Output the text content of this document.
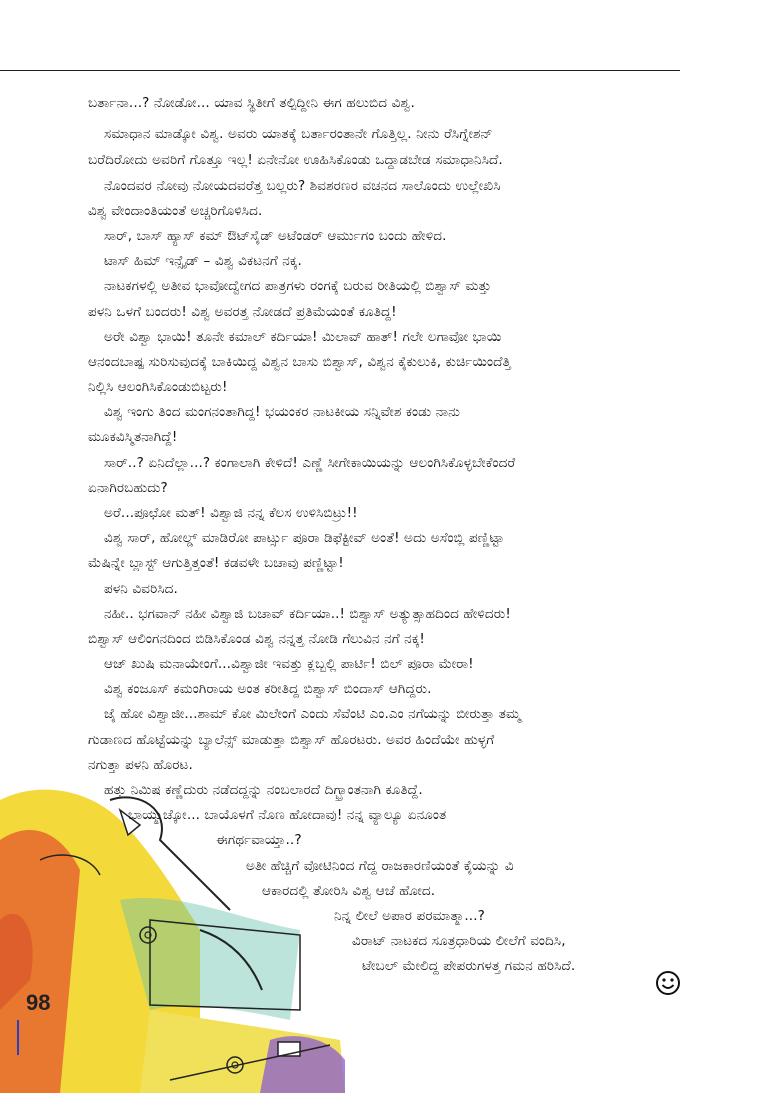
98
ಬರ್ತಾನಾ...? ನೋಡೋ... ಯಾವ ಸ್ಥಿತೀಗೆ ತಲ್ಪಿದ್ದೀನಿ ಈಗ ಹಲುಬಿದ ವಿಶ್ವ.
ಸಮಾಧಾನ ಮಾಡ್ಕೋ ವಿಶ್ವ. ಅವರು ಯಾತಕ್ಕೆ ಬರ್ತಾರಂತಾನೇ ಗೊತ್ತಿಲ್ಲ. ನೀನು ರೆಸಿಗ್ನೇಶನ್
ಬರೆದಿರೋದು ಅವರಿಗೆ ಗೊತ್ತೂ ಇಲ್ಲ! ಏನೇನೋ ಊಹಿಸಿಕೊಂಡು ಒದ್ದಾಡಬೇಡ ಸಮಾಧಾನಿಸಿದೆ.
ನೊಂದವರ ನೋವು ನೋಯದವರೆತ್ತ ಬಲ್ಲರು? ಶಿವಶರಣರ ವಚನದ ಸಾಲೊಂದು ಉಲ್ಲೇಖಿಸಿ
ವಿಶ್ವ ವೇಂದಾಂತಿಯಂತೆ ಅಚ್ಚರಿಗೊಳಿಸಿದ.
ಸಾರ್, ಬಾಸ್ ಹ್ಯಾಸ್ ಕಮ್ ಔಟ್‌ಸೈಡ್ ಅಟೆಂಡರ್ ಆರ್ಮುಗಂ ಬಂದು ಹೇಳಿದ.
ಟಾಸ್ ಹಿಮ್ ಇನ್ಸೈಡ್ – ವಿಶ್ವ ವಿಕಟನಗೆ ನಕ್ಕ.
ನಾಟಕಗಳಲ್ಲಿ ಅತೀವ ಭಾವೋದ್ವೇಗದ ಪಾತ್ರಗಳು ರಂಗಕ್ಕೆ ಬರುವ ರೀತಿಯಲ್ಲಿ ಬಿಶ್ವಾಸ್ ಮತ್ತು
ಪಳನಿ ಒಳಗೆ ಬಂದರು! ವಿಶ್ವ ಅವರತ್ತ ನೋಡದೆ ಪ್ರತಿಮೆಯಂತೆ ಕೂತಿದ್ದ!
ಅರೇ ವಿಶ್ವಾ ಭಾಯಿ! ತೂನೇ ಕಮಾಲ್ ಕರ್ದಿಯಾ! ಮಿಲಾವ್ ಹಾತ್! ಗಲೇ ಲಗಾವೋ ಭಾಯಿ
ಆನಂದಬಾಷ್ಪ ಸುರಿಸುವುದಕ್ಕೆ ಬಾಕಿಯಿದ್ದ ವಿಶ್ವನ ಬಾಸು ಬಿಶ್ವಾಸ್, ವಿಶ್ವನ ಕೈಕುಲುಕಿ, ಕುರ್ಚಿಯಿಂದೆತ್ತಿ
ನಿಲ್ಲಿಸಿ ಆಲಂಗಿಸಿಕೊಂಡುಬಿಟ್ಟರು!
ವಿಶ್ವ ಇಂಗು ತಿಂದ ಮಂಗನಂತಾಗಿದ್ದ! ಭಯಂಕರ ನಾಟಕೀಯ ಸನ್ನಿವೇಶ ಕಂಡು ನಾನು
ಮೂಕವಿಸ್ಮಿತನಾಗಿದ್ದೆ!
ಸಾರ್..? ಏನಿದೆಲ್ಲಾ...? ಕಂಗಾಲಾಗಿ ಕೇಳಿದೆ! ಎಣ್ಣೆ ಸೀಗೇಕಾಯಿಯನ್ನು ಆಲಂಗಿಸಿಕೊಳ್ಳಬೇಕೆಂದರೆ
ಏನಾಗಿರಬಹುದು?
ಅರೆ...ಪೂಛೋ ಮತ್! ವಿಶ್ವಾಜಿ ನನ್ನ ಕೆಲಸ ಉಳಿಸಿಬಿಟ್ರು!!
ವಿಶ್ವ ಸಾರ್, ಹೋಲ್ಡ್ ಮಾಡಿರೋ ಪಾರ್ಟ್ಸು ಪೂರಾ ಡಿಫೆಕ್ಟೀವ್ ಅಂತೆ! ಅದು ಅಸೆಂಬ್ಲಿ ಪಣ್ಣಿಟ್ಟಾ
ಮೆಷಿನ್ನೇ ಬ್ಲಾಸ್ಟ್ ಆಗುತ್ತಿತ್ತಂತೆ! ಕಡವಳೇ ಬಚಾವು ಪಣ್ಣಿಟ್ಟಾ!
ಪಳನಿ ವಿವರಿಸಿದ.
ನಹೀ.. ಭಗವಾನ್ ನಹೀ ವಿಶ್ವಾಜಿ ಬಚಾವ್ ಕರ್ದಿಯಾ..! ಬಿಶ್ವಾಸ್ ಅತ್ಯುತ್ಸಾಹದಿಂದ ಹೇಳಿದರು!
ಬಿಶ್ವಾಸ್ ಆಲಿಂಗನದಿಂದ ಬಿಡಿಸಿಕೊಂಡ ವಿಶ್ವ ನನ್ನತ್ತ ನೋಡಿ ಗೆಲುವಿನ ನಗೆ ನಕ್ಕ!
ಆಜ್ ಖುಷಿ ಮನಾಯೇಂಗೆ...ವಿಶ್ವಾಜೀ ಇವತ್ತು ಕ್ಲಬ್ಬಲ್ಲಿ ಪಾರ್ಟಿ! ಬಿಲ್ ಪೂರಾ ಮೇರಾ!
ವಿಶ್ವ ಕಂಜೂಸ್ ಕಮಂಗಿರಾಯ ಅಂತ ಕರೀತಿದ್ದ ಬಿಶ್ವಾಸ್ ಬಿಂದಾಸ್ ಆಗಿದ್ದರು.
ಜೈ ಹೋ ವಿಶ್ವಾಜೀ...ಶಾಮ್ ಕೋ ಮಿಲೇಂಗೆ ಎಂದು ಸೆವೆಂಟಿ ಎಂ.ಎಂ ನಗೆಯನ್ನು ಬೀರುತ್ತಾ ತಮ್ಮ
ಗುಡಾಣದ ಹೊಟ್ಟೆಯನ್ನು ಬ್ಯಾಲೆನ್ಸ್ ಮಾಡುತ್ತಾ ಬಿಶ್ವಾಸ್ ಹೊರಟರು. ಅವರ ಹಿಂದೆಯೇ ಹುಳ್ಳಗೆ
ನಗುತ್ತಾ ಪಳನಿ ಹೊರಟ.
ಹತ್ತು ನಿಮಿಷ ಕಣ್ಣೆದುರು ನಡೆದದ್ದನ್ನು ನಂಬಲಾರದೆ ದಿಗ್ಭ್ರಾಂತನಾಗಿ ಕೂತಿದ್ದೆ.
ಬಾಯ್ಮುಚ್ಕೋ... ಬಾಯೊಳಗೆ ನೊಣ ಹೋದಾವು! ನನ್ನ ವ್ಯಾಲ್ಯೂ ಏನೂಂತ
ಈಗರ್ಥವಾಯ್ತಾ..?
ಅತೀ ಹೆಚ್ಚಿಗೆ ವೋಟಿನಿಂದ ಗೆದ್ದ ರಾಜಕಾರಣಿಯಂತೆ ಕೈಯನ್ನು ವಿ
ಆಕಾರದಲ್ಲಿ ತೋರಿಸಿ ವಿಶ್ವ ಆಚೆ ಹೋದ.
ನಿನ್ನ ಲೀಲೆ ಅಪಾರ ಪರಮಾತ್ಮಾ...?
ವಿರಾಟ್ ನಾಟಕದ ಸೂತ್ರಧಾರಿಯ ಲೀಲೆಗೆ ವಂದಿಸಿ,
ಟೇಬಲ್ ಮೇಲಿದ್ದ ಪೇಪರುಗಳತ್ತ ಗಮನ ಹರಿಸಿದೆ.
